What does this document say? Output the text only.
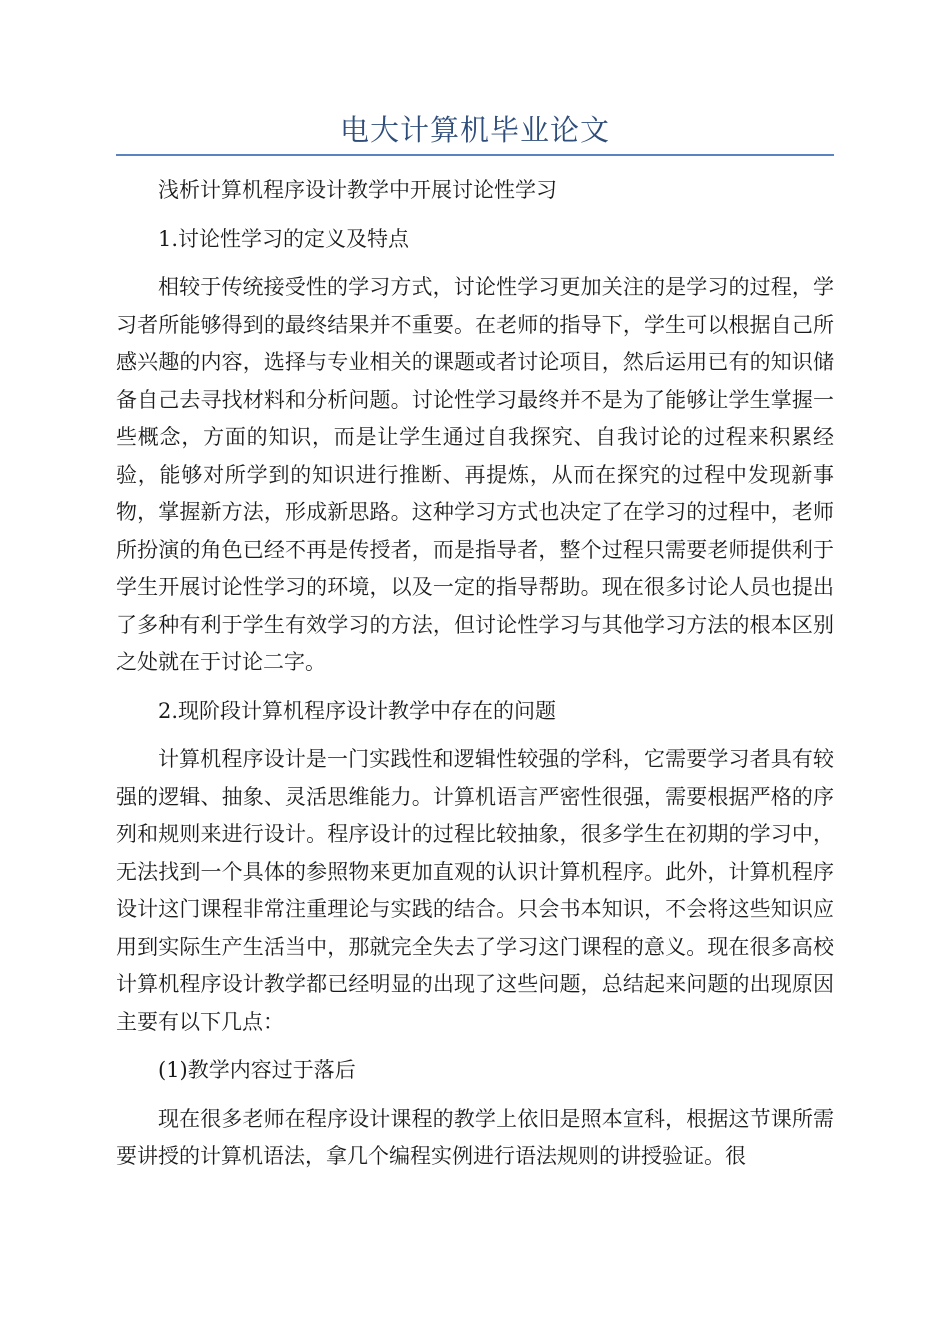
电大计算机毕业论文

浅析计算机程序设计教学中开展讨论性学习

1.讨论性学习的定义及特点

相较于传统接受性的学习方式，讨论性学习更加关注的是学习的过程，学习者所能够得到的最终结果并不重要。在老师的指导下，学生可以根据自己所感兴趣的内容，选择与专业相关的课题或者讨论项目，然后运用已有的知识储备自己去寻找材料和分析问题。讨论性学习最终并不是为了能够让学生掌握一些概念，方面的知识，而是让学生通过自我探究、自我讨论的过程来积累经验，能够对所学到的知识进行推断、再提炼，从而在探究的过程中发现新事物，掌握新方法，形成新思路。这种学习方式也决定了在学习的过程中，老师所扮演的角色已经不再是传授者，而是指导者，整个过程只需要老师提供利于学生开展讨论性学习的环境，以及一定的指导帮助。现在很多讨论人员也提出了多种有利于学生有效学习的方法，但讨论性学习与其他学习方法的根本区别之处就在于讨论二字。

2.现阶段计算机程序设计教学中存在的问题

计算机程序设计是一门实践性和逻辑性较强的学科，它需要学习者具有较强的逻辑、抽象、灵活思维能力。计算机语言严密性很强，需要根据严格的序列和规则来进行设计。程序设计的过程比较抽象，很多学生在初期的学习中，无法找到一个具体的参照物来更加直观的认识计算机程序。此外，计算机程序设计这门课程非常注重理论与实践的结合。只会书本知识，不会将这些知识应用到实际生产生活当中，那就完全失去了学习这门课程的意义。现在很多高校计算机程序设计教学都已经明显的出现了这些问题，总结起来问题的出现原因主要有以下几点：

(1)教学内容过于落后

现在很多老师在程序设计课程的教学上依旧是照本宣科，根据这节课所需要讲授的计算机语法，拿几个编程实例进行语法规则的讲授验证。很
